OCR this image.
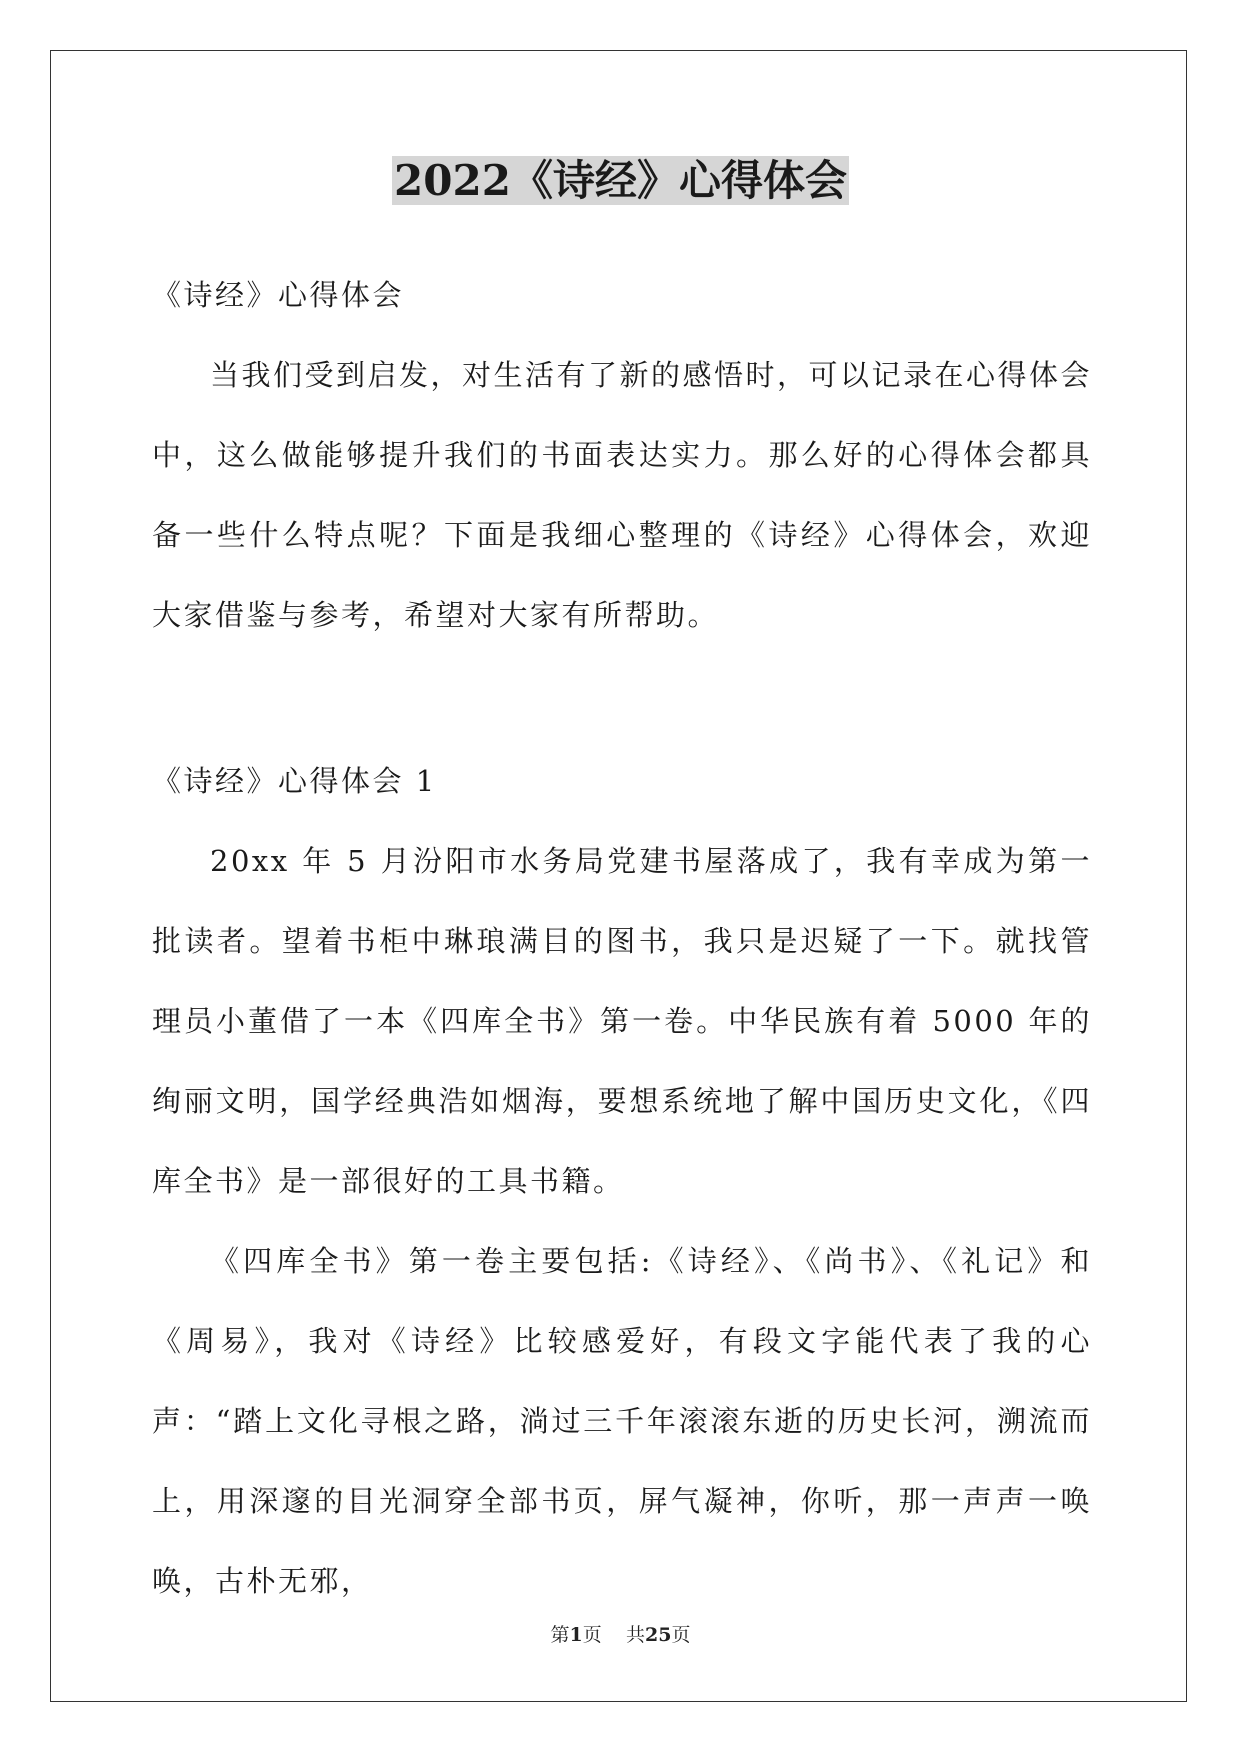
2022《诗经》心得体会

《诗经》心得体会

当我们受到启发，对生活有了新的感悟时，可以记录在心得体会中，这么做能够提升我们的书面表达实力。那么好的心得体会都具备一些什么特点呢？下面是我细心整理的《诗经》心得体会，欢迎大家借鉴与参考，希望对大家有所帮助。

《诗经》心得体会 1

20xx 年 5 月汾阳市水务局党建书屋落成了，我有幸成为第一批读者。望着书柜中琳琅满目的图书，我只是迟疑了一下。就找管理员小董借了一本《四库全书》第一卷。中华民族有着 5000 年的绚丽文明，国学经典浩如烟海，要想系统地了解中国历史文化，《四库全书》是一部很好的工具书籍。

《四库全书》第一卷主要包括:《诗经》、《尚书》、《礼记》和《周易》，我对《诗经》比较感爱好，有段文字能代表了我的心声：“踏上文化寻根之路，淌过三千年滚滚东逝的历史长河，溯流而上，用深邃的目光洞穿全部书页，屏气凝神，你听，那一声声一唤唤，古朴无邪，

第1页 共25页
